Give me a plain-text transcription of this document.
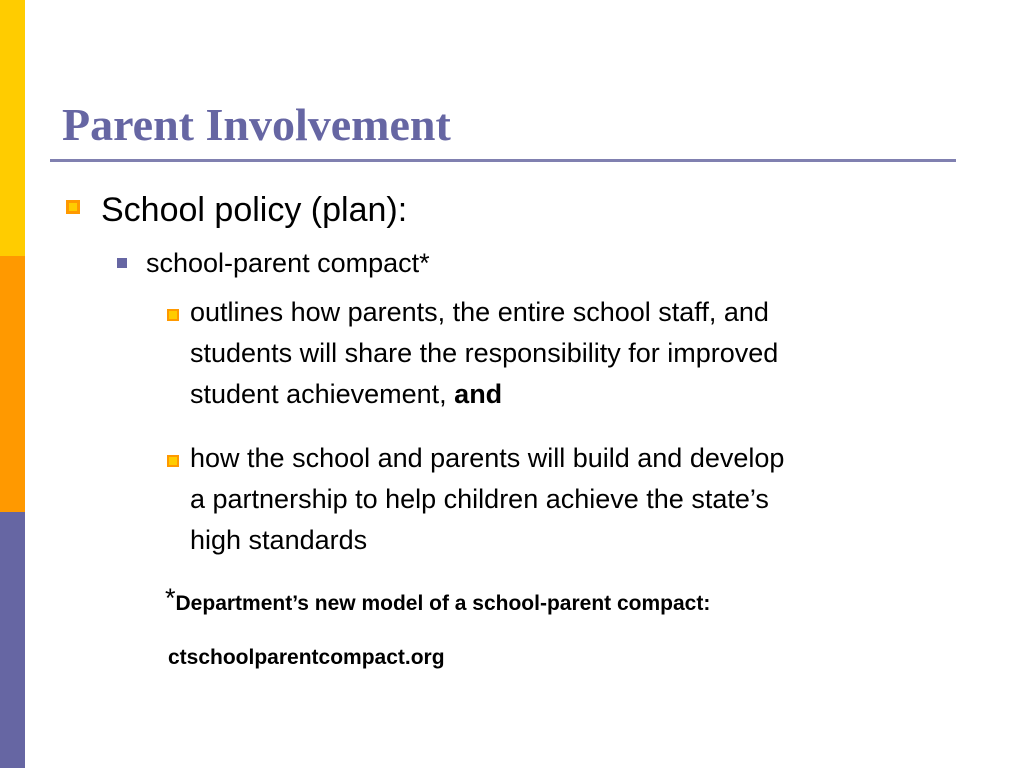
Parent Involvement
School policy (plan):
school-parent compact*
outlines how parents, the entire school staff, and
students will share the responsibility for improved
student achievement, and
how the school and parents will build and develop
a partnership to help children achieve the state’s
high standards
*Department’s new model of a school-parent compact:
ctschoolparentcompact.org
